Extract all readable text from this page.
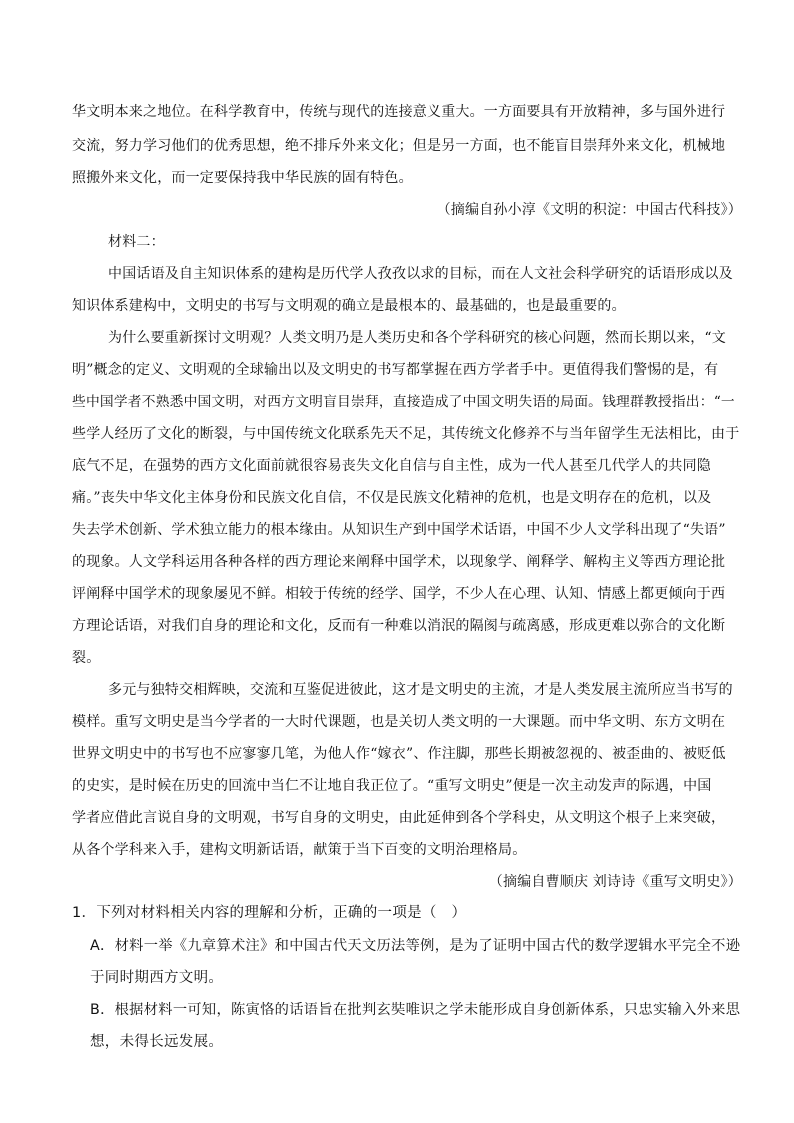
华文明本来之地位。在科学教育中，传统与现代的连接意义重大。一方面要具有开放精神，多与国外进行
交流，努力学习他们的优秀思想，绝不排斥外来文化；但是另一方面，也不能盲目崇拜外来文化，机械地
照搬外来文化，而一定要保持我中华民族的固有特色。
（摘编自孙小淳《文明的积淀：中国古代科技》）
材料二：
中国话语及自主知识体系的建构是历代学人孜孜以求的目标，而在人文社会科学研究的话语形成以及
知识体系建构中，文明史的书写与文明观的确立是最根本的、最基础的，也是最重要的。
为什么要重新探讨文明观？人类文明乃是人类历史和各个学科研究的核心问题，然而长期以来，“文
明”概念的定义、文明观的全球输出以及文明史的书写都掌握在西方学者手中。更值得我们警惕的是，有
些中国学者不熟悉中国文明，对西方文明盲目崇拜，直接造成了中国文明失语的局面。钱理群教授指出：“一
些学人经历了文化的断裂，与中国传统文化联系先天不足，其传统文化修养不与当年留学生无法相比，由于
底气不足，在强势的西方文化面前就很容易丧失文化自信与自主性，成为一代人甚至几代学人的共同隐
痛。”丧失中华文化主体身份和民族文化自信，不仅是民族文化精神的危机，也是文明存在的危机，以及
失去学术创新、学术独立能力的根本缘由。从知识生产到中国学术话语，中国不少人文学科出现了“失语”
的现象。人文学科运用各种各样的西方理论来阐释中国学术，以现象学、阐释学、解构主义等西方理论批
评阐释中国学术的现象屡见不鲜。相较于传统的经学、国学，不少人在心理、认知、情感上都更倾向于西
方理论话语，对我们自身的理论和文化，反而有一种难以消泯的隔阂与疏离感，形成更难以弥合的文化断
裂。
多元与独特交相辉映，交流和互鉴促进彼此，这才是文明史的主流，才是人类发展主流所应当书写的
模样。重写文明史是当今学者的一大时代课题，也是关切人类文明的一大课题。而中华文明、东方文明在
世界文明史中的书写也不应寥寥几笔，为他人作“嫁衣”、作注脚，那些长期被忽视的、被歪曲的、被贬低
的史实，是时候在历史的回流中当仁不让地自我正位了。“重写文明史”便是一次主动发声的际遇，中国
学者应借此言说自身的文明观，书写自身的文明史，由此延伸到各个学科史，从文明这个根子上来突破，
从各个学科来入手，建构文明新话语，献策于当下百变的文明治理格局。
（摘编自曹顺庆 刘诗诗《重写文明史》）
1．下列对材料相关内容的理解和分析，正确的一项是（　）
A．材料一举《九章算术注》和中国古代天文历法等例，是为了证明中国古代的数学逻辑水平完全不逊
于同时期西方文明。
B．根据材料一可知，陈寅恪的话语旨在批判玄奘唯识之学未能形成自身创新体系，只忠实输入外来思
想，未得长远发展。
